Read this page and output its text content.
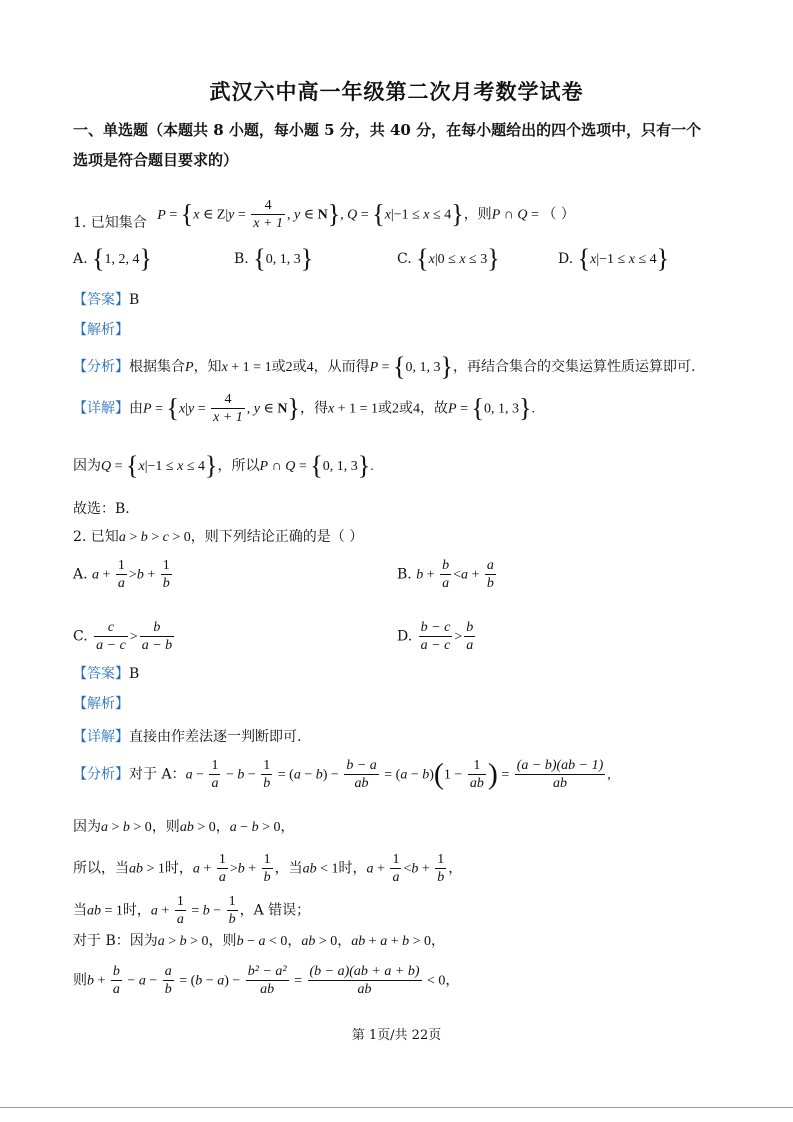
武汉六中高一年级第二次月考数学试卷
一、单选题（本题共 8 小题，每小题 5 分，共 40 分，在每小题给出的四个选项中，只有一个
选项是符合题目要求的）
1. 已知集合 P = {x ∈ $Z|y = \frac{4}{x + 1}$ , y ∈ N}, Q = {x|−1 ≤ x ≤ 4}，则P ∩ Q = （ ）
A. {1, 2, 4}	B. {0, 1, 3}	C. {x|0 ≤ x ≤ 3}	D. {x|−1 ≤ x ≤ 4}
【答案】B
【解析】
【分析】根据集合P，知x + 1 = 1或2或4，从而得P = {0, 1, 3}，再结合集合的交集运算性质运算即可.
【详解】由$P = \{x|y = \frac{4}{x + 1}$ , y ∈ N}，得x + 1 = 1或2或4，故P = {0, 1, 3}.
因为Q = {x|−1 ≤ x ≤ 4}，所以P ∩ Q = {0, 1, 3}.
故选：B.
2. 已知a > b > c > 0，则下列结论正确的是（ ）
A. $a + \frac{1}{a} >b + \frac{1}{b}$	B. $b + \frac{b}{a} <a + \frac{a}{b}$
C. $\frac{c}{a - c} > \frac{b}{a - b}$	D. $\frac{b - c}{a - c} > \frac{b}{a}$
【答案】B
【解析】
【详解】直接由作差法逐一判断即可.
【分析】对于 A：$a - \frac{1}{a} - b - \frac{1}{b} = (a - b) - \frac{b - a}{ab} = (a - b)(1 - \frac{1}{ab}$ ) = $\frac{(a - b)(ab - 1)}{ab}$ ,
因为a > b > 0，则ab > 0，a − b > 0，
所以，当ab > 1时，$a + \frac{1}{a} >b + \frac{1}{b}$ ，当ab < 1时，$a + \frac{1}{a} <b + \frac{1}{b}$ ，
当ab = 1时，$a + \frac{1}{a} = b - \frac{1}{b}$ ，A 错误；
对于 B：因为a > b > 0，则b − a < 0，ab > 0，ab + a + b > 0，
则$b + \frac{b}{a} - a - \frac{a}{b} = (b - a) - \frac{\text{b² − a²}}{ab} = \frac{(b - a)(ab + a + b)}{ab} < 0$，
第 1页/共 22页
